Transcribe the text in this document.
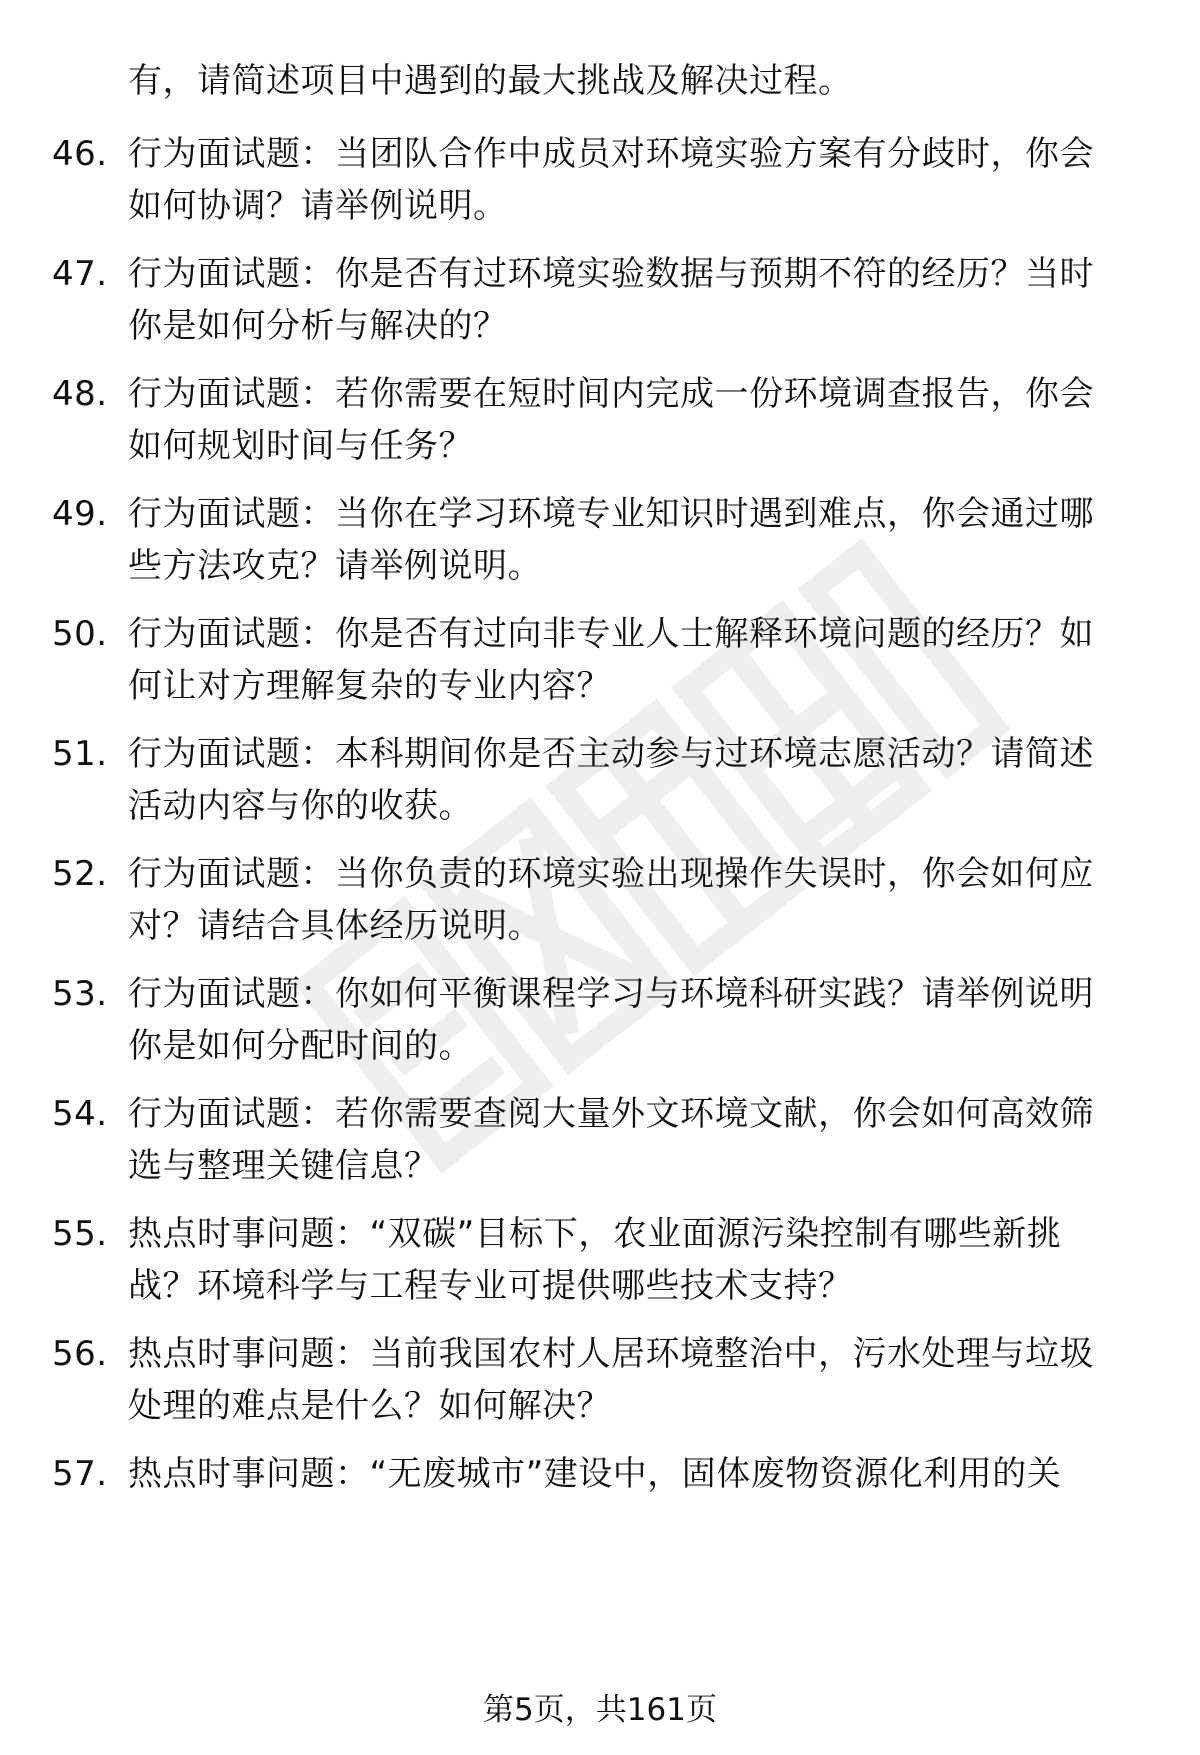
有，请简述项目中遇到的最大挑战及解决过程。
46. 行为面试题：当团队合作中成员对环境实验方案有分歧时，你会
如何协调？请举例说明。
47. 行为面试题：你是否有过环境实验数据与预期不符的经历？当时
你是如何分析与解决的？
48. 行为面试题：若你需要在短时间内完成一份环境调查报告，你会
如何规划时间与任务？
49. 行为面试题：当你在学习环境专业知识时遇到难点，你会通过哪
些方法攻克？请举例说明。
50. 行为面试题：你是否有过向非专业人士解释环境问题的经历？如
何让对方理解复杂的专业内容？
51. 行为面试题：本科期间你是否主动参与过环境志愿活动？请简述
活动内容与你的收获。
52. 行为面试题：当你负责的环境实验出现操作失误时，你会如何应
对？请结合具体经历说明。
53. 行为面试题：你如何平衡课程学习与环境科研实践？请举例说明
你是如何分配时间的。
54. 行为面试题：若你需要查阅大量外文环境文献，你会如何高效筛
选与整理关键信息？
55. 热点时事问题：“双碳”目标下，农业面源污染控制有哪些新挑
战？环境科学与工程专业可提供哪些技术支持？
56. 热点时事问题：当前我国农村人居环境整治中，污水处理与垃圾
处理的难点是什么？如何解决？
57. 热点时事问题：“无废城市”建设中，固体废物资源化利用的关
第5页，共161页
